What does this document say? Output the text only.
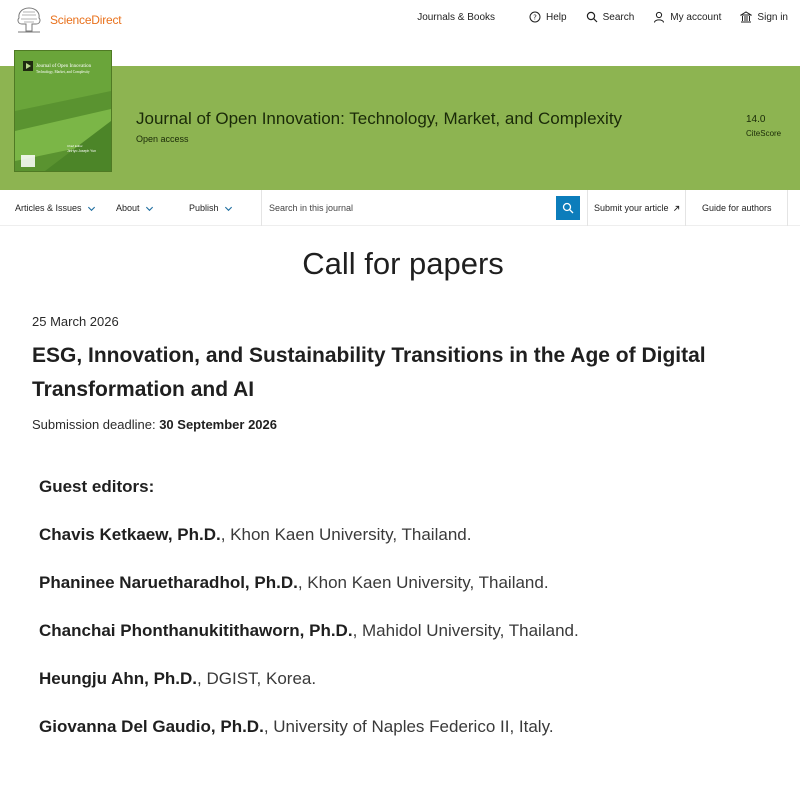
ScienceDirect	Journals & Books	? Help	Search	My account	Sign in
Journal of Open Innovation
Technology, Market, and Complexity
Chief Editor
JinHyo Joseph Yun
Journal of Open Innovation: Technology, Market, and Complexity
Open access
14.0
CiteScore
Articles & Issues	About	Publish
Search in this journal	Submit your article	Guide for authors
Call for papers
25 March 2026
ESG, Innovation, and Sustainability Transitions in the Age of Digital Transformation and AI
Submission deadline: 30 September 2026
Guest editors:
Chavis Ketkaew, Ph.D., Khon Kaen University, Thailand.
Phaninee Naruetharadhol, Ph.D., Khon Kaen University, Thailand.
Chanchai Phonthanukitithaworn, Ph.D., Mahidol University, Thailand.
Heungju Ahn, Ph.D., DGIST, Korea.
Giovanna Del Gaudio, Ph.D., University of Naples Federico II, Italy.
